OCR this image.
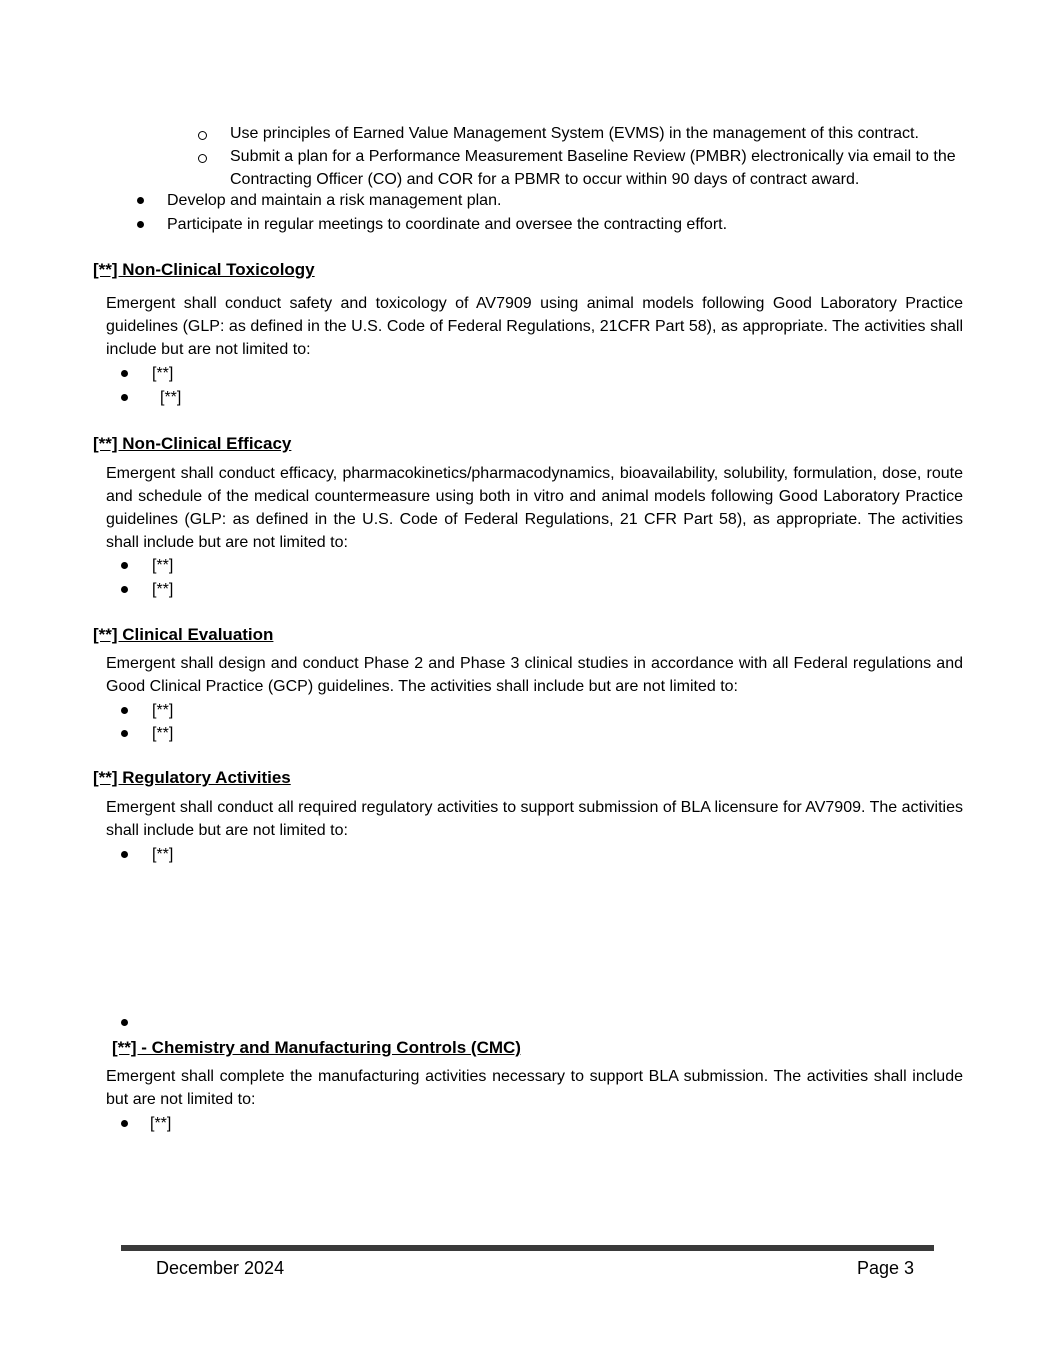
Use principles of Earned Value Management System (EVMS) in the management of this contract.
Submit a plan for a Performance Measurement Baseline Review (PMBR) electronically via email to the Contracting Officer (CO) and COR for a PBMR to occur within 90 days of contract award.
Develop and maintain a risk management plan.
Participate in regular meetings to coordinate and oversee the contracting effort.
[**] Non-Clinical Toxicology
Emergent shall conduct safety and toxicology of AV7909 using animal models following Good Laboratory Practice guidelines (GLP: as defined in the U.S. Code of Federal Regulations, 21CFR Part 58), as appropriate. The activities shall include but are not limited to:
[**]
[**]
[**] Non-Clinical Efficacy
Emergent shall conduct efficacy, pharmacokinetics/pharmacodynamics, bioavailability, solubility, formulation, dose, route and schedule of the medical countermeasure using both in vitro and animal models following Good Laboratory Practice guidelines (GLP: as defined in the U.S. Code of Federal Regulations, 21 CFR Part 58), as appropriate. The activities shall include but are not limited to:
[**]
[**]
[**] Clinical Evaluation
Emergent shall design and conduct Phase 2 and Phase 3 clinical studies in accordance with all Federal regulations and Good Clinical Practice (GCP) guidelines. The activities shall include but are not limited to:
[**]
[**]
[**] Regulatory Activities
Emergent shall conduct all required regulatory activities to support submission of BLA licensure for AV7909. The activities shall include but are not limited to:
[**]
[**] - Chemistry and Manufacturing Controls (CMC)
Emergent shall complete the manufacturing activities necessary to support BLA submission. The activities shall include but are not limited to:
[**]
December 2024	Page 3
